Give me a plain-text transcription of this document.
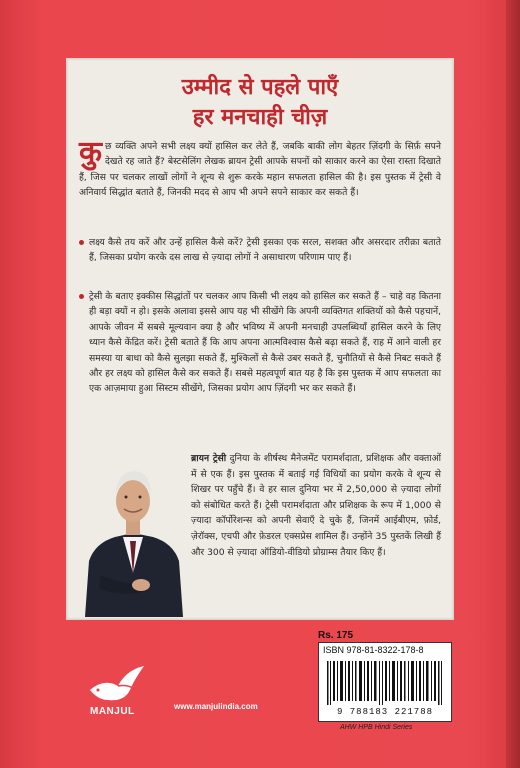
उम्मीद से पहले पाएँ
हर मनचाही चीज़
कुछ व्यक्ति अपने सभी लक्ष्य क्यों हासिल कर लेते हैं, जबकि बाकी लोग बेहतर ज़िंदगी के सिर्फ़ सपने देखते रह जाते हैं? बेस्टसेलिंग लेखक ब्रायन ट्रेसी आपके सपनों को साकार करने का ऐसा रास्ता दिखाते हैं, जिस पर चलकर लाखों लोगों ने शून्य से शुरू करके महान सफलता हासिल की है। इस पुस्तक में ट्रेसी वे अनिवार्य सिद्धांत बताते हैं, जिनकी मदद से आप भी अपने सपने साकार कर सकते हैं।
लक्ष्य कैसे तय करें और उन्हें हासिल कैसे करें? ट्रेसी इसका एक सरल, सशक्त और असरदार तरीक़ा बताते हैं, जिसका प्रयोग करके दस लाख से ज़्यादा लोगों ने असाधारण परिणाम पाए हैं।
ट्रेसी के बताए इक्कीस सिद्धांतों पर चलकर आप किसी भी लक्ष्य को हासिल कर सकते हैं – चाहे वह कितना ही बड़ा क्यों न हो। इसके अलावा इससे आप यह भी सीखेंगे कि अपनी व्यक्तिगत शक्तियों को कैसे पहचानें, आपके जीवन में सबसे मूल्यवान क्या है और भविष्य में अपनी मनचाही उपलब्धियाँ हासिल करने के लिए ध्यान कैसे केंद्रित करें। ट्रेसी बताते हैं कि आप अपना आत्मविश्वास कैसे बढ़ा सकते हैं, राह में आने वाली हर समस्या या बाधा को कैसे सुलझा सकते हैं, मुश्किलों से कैसे उबर सकते हैं, चुनौतियों से कैसे निबट सकते हैं और हर लक्ष्य को हासिल कैसे कर सकते हैं। सबसे महत्वपूर्ण बात यह है कि इस पुस्तक में आप सफलता का एक आज़माया हुआ सिस्टम सीखेंगे, जिसका प्रयोग आप ज़िंदगी भर कर सकते हैं।
ब्रायन ट्रेसी दुनिया के शीर्षस्थ मैनेजमेंट परामर्शदाता, प्रशिक्षक और वक्ताओं में से एक हैं। इस पुस्तक में बताई गई विधियों का प्रयोग करके वे शून्य से शिखर पर पहुँचे हैं। वे हर साल दुनिया भर में 2,50,000 से ज़्यादा लोगों को संबोधित करते हैं। ट्रेसी परामर्शदाता और प्रशिक्षक के रूप में 1,000 से ज़्यादा कॉर्पोरेशन्स को अपनी सेवाएँ दे चुके हैं, जिनमें आईबीएम, फ़ोर्ड, ज़ेरॉक्स, एचपी और फ़ेडरल एक्सप्रेस शामिल हैं। उन्होंने 35 पुस्तकें लिखी हैं और 300 से ज़्यादा ऑडियो-वीडियो प्रोग्राम्स तैयार किए हैं।
MANJUL	www.manjulindia.com
Rs. 175
ISBN 978-81-8322-178-8
9 788183 221788
AHW HPB Hindi Series
